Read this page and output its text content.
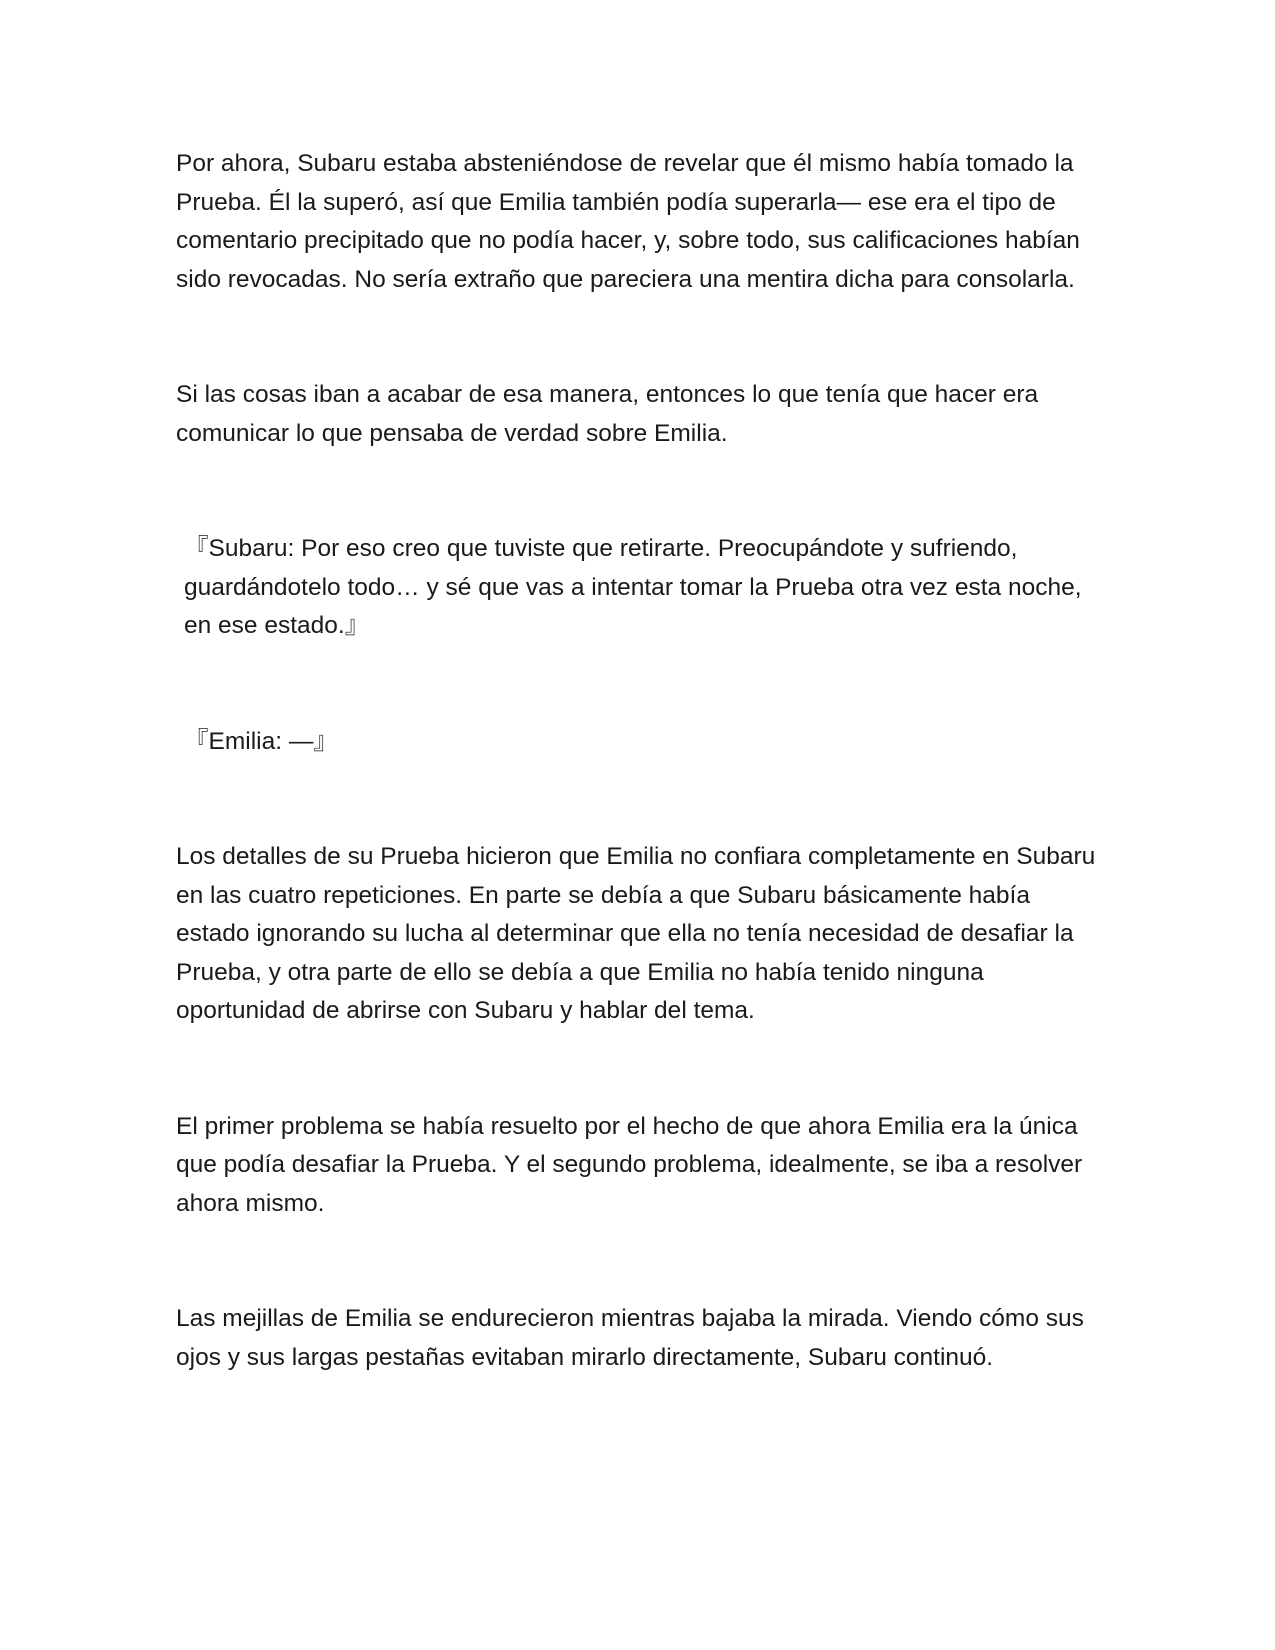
Por ahora, Subaru estaba absteniéndose de revelar que él mismo había tomado la Prueba. Él la superó, así que Emilia también podía superarla— ese era el tipo de comentario precipitado que no podía hacer, y, sobre todo, sus calificaciones habían sido revocadas. No sería extraño que pareciera una mentira dicha para consolarla.

Si las cosas iban a acabar de esa manera, entonces lo que tenía que hacer era comunicar lo que pensaba de verdad sobre Emilia.

『Subaru: Por eso creo que tuviste que retirarte. Preocupándote y sufriendo, guardándotelo todo… y sé que vas a intentar tomar la Prueba otra vez esta noche, en ese estado.』

『Emilia: —』

Los detalles de su Prueba hicieron que Emilia no confiara completamente en Subaru en las cuatro repeticiones. En parte se debía a que Subaru básicamente había estado ignorando su lucha al determinar que ella no tenía necesidad de desafiar la Prueba, y otra parte de ello se debía a que Emilia no había tenido ninguna oportunidad de abrirse con Subaru y hablar del tema.

El primer problema se había resuelto por el hecho de que ahora Emilia era la única que podía desafiar la Prueba. Y el segundo problema, idealmente, se iba a resolver ahora mismo.

Las mejillas de Emilia se endurecieron mientras bajaba la mirada. Viendo cómo sus ojos y sus largas pestañas evitaban mirarlo directamente, Subaru continuó.
